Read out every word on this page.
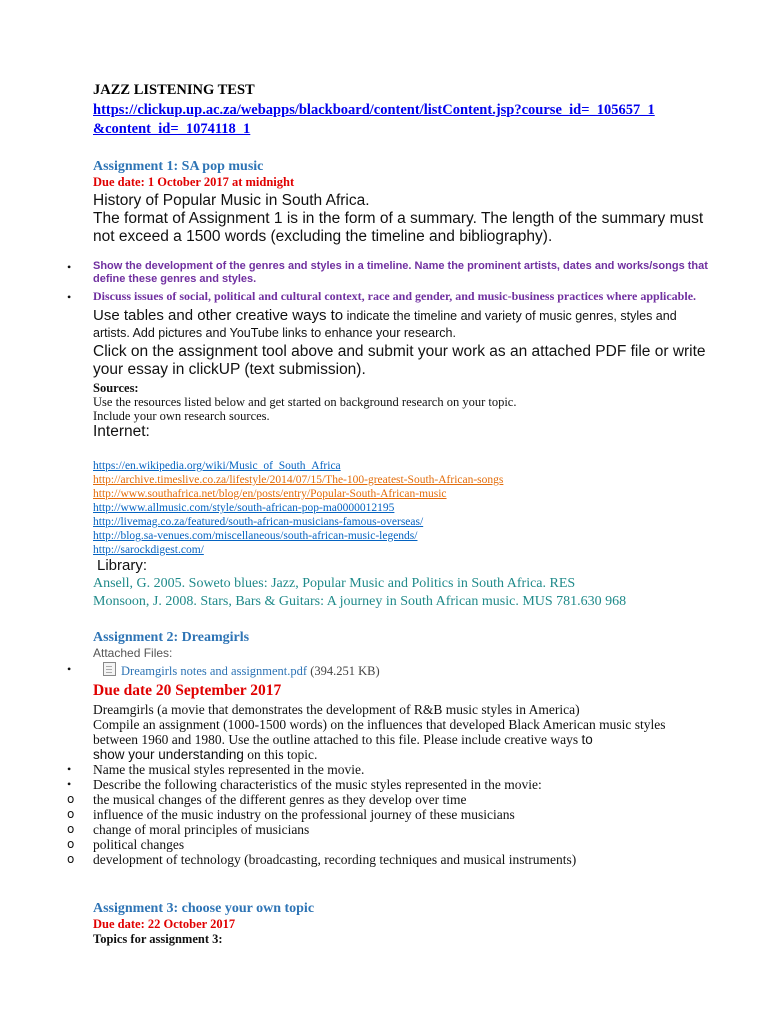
JAZZ LISTENING TEST
https://clickup.up.ac.za/webapps/blackboard/content/listContent.jsp?course_id=_105657_1
&content_id=_1074118_1
Assignment 1: SA pop music
Due date: 1 October 2017 at midnight
History of Popular Music in South Africa.
The format of Assignment 1 is in the form of a summary. The length of the summary must not exceed a 1500 words (excluding the timeline and bibliography).
• Show the development of the genres and styles in a timeline. Name the prominent artists, dates and works/songs that define these genres and styles.
• Discuss issues of social, political and cultural context, race and gender, and music-business practices where applicable.
Use tables and other creative ways to indicate the timeline and variety of music genres, styles and artists. Add pictures and YouTube links to enhance your research.
Click on the assignment tool above and submit your work as an attached PDF file or write your essay in clickUP (text submission).
Sources:
Use the resources listed below and get started on background research on your topic.
Include your own research sources.
Internet:
https://en.wikipedia.org/wiki/Music_of_South_Africa
http://archive.timeslive.co.za/lifestyle/2014/07/15/The-100-greatest-South-African-songs
http://www.southafrica.net/blog/en/posts/entry/Popular-South-African-music
http://www.allmusic.com/style/south-african-pop-ma0000012195
http://livemag.co.za/featured/south-african-musicians-famous-overseas/
http://blog.sa-venues.com/miscellaneous/south-african-music-legends/
http://sarockdigest.com/
Library:
Ansell, G. 2005. Soweto blues: Jazz, Popular Music and Politics in South Africa. RES
Monsoon, J. 2008. Stars, Bars & Guitars: A journey in South African music. MUS 781.630 968
Assignment 2: Dreamgirls
Attached Files:
•	Dreamgirls notes and assignment.pdf (394.251 KB)
Due date 20 September 2017
Dreamgirls (a movie that demonstrates the development of R&B music styles in America)
Compile an assignment (1000-1500 words) on the influences that developed Black American music styles between 1960 and 1980. Use the outline attached to this file. Please include creative ways to
show your understanding on this topic.
• Name the musical styles represented in the movie.
• Describe the following characteristics of the music styles represented in the movie:
o the musical changes of the different genres as they develop over time
o influence of the music industry on the professional journey of these musicians
o change of moral principles of musicians
o political changes
o development of technology (broadcasting, recording techniques and musical instruments)
Assignment 3: choose your own topic
Due date: 22 October 2017
Topics for assignment 3:
